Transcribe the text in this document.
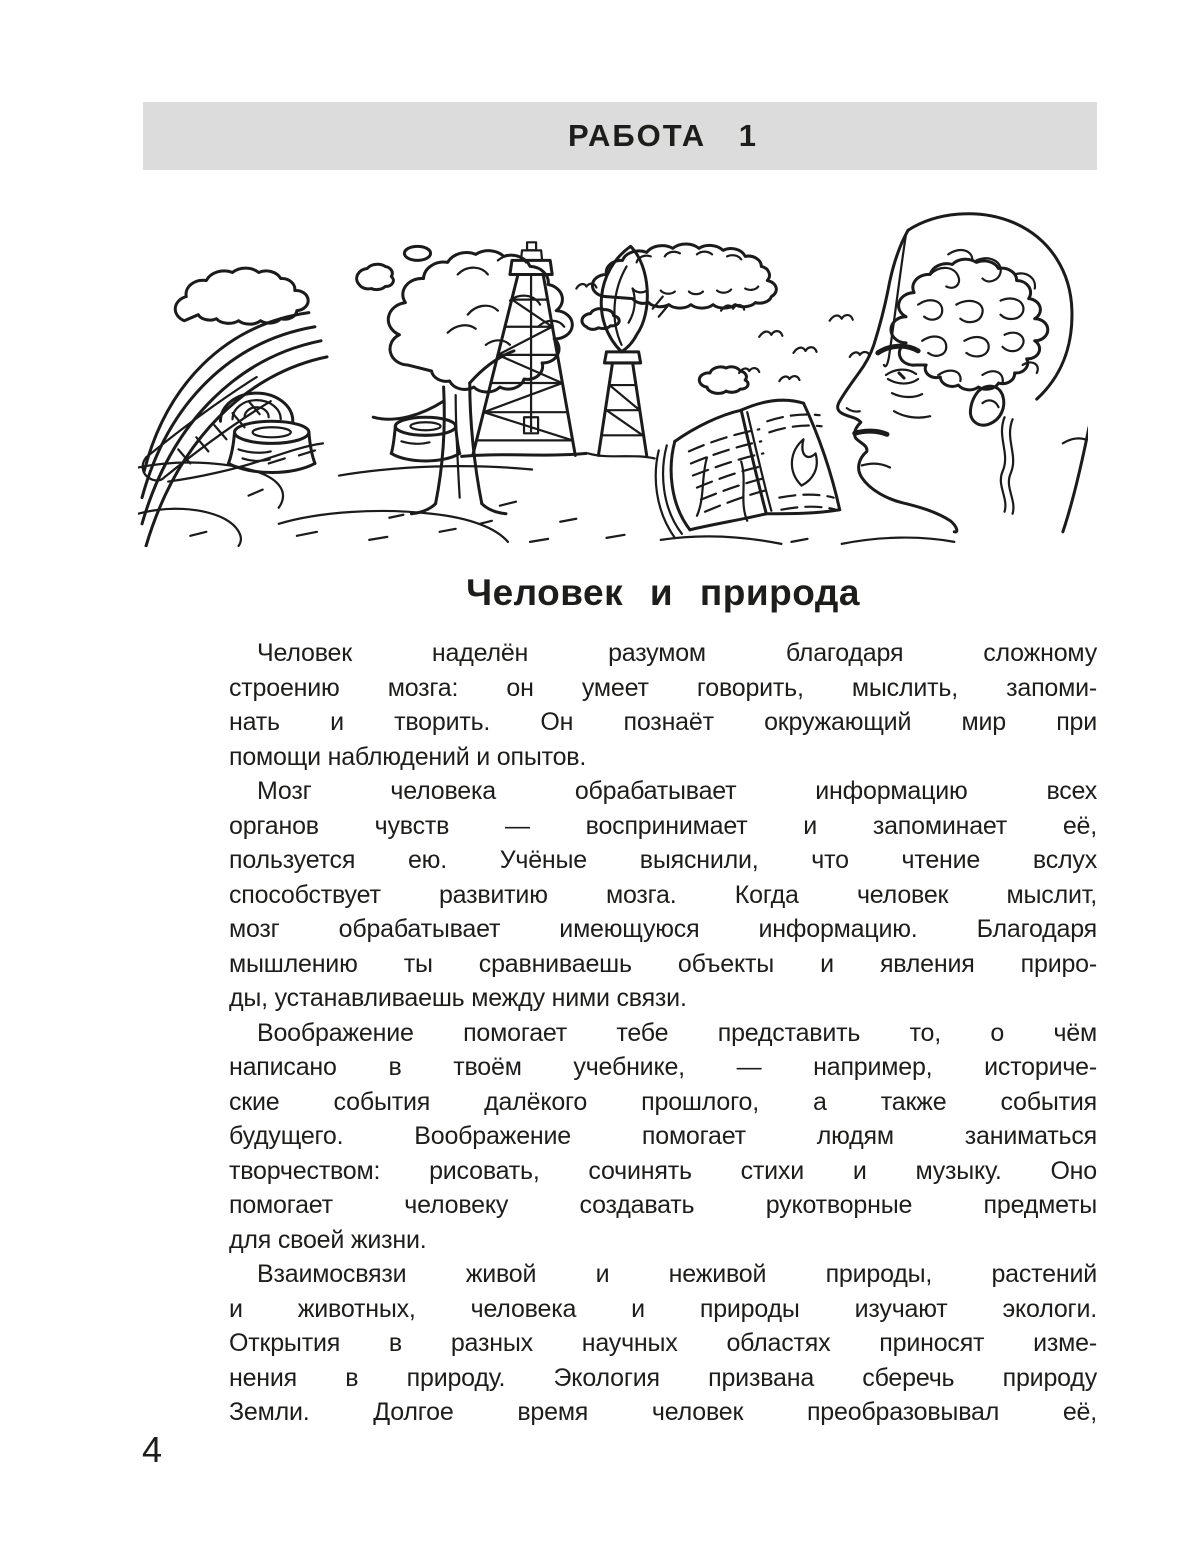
РАБОТА 1
Человек и природа
Человек наделён разумом благодаря сложному
строению мозга: он умеет говорить, мыслить, запоми-
нать и творить. Он познаёт окружающий мир при
помощи наблюдений и опытов.
Мозг человека обрабатывает информацию всех
органов чувств — воспринимает и запоминает её,
пользуется ею. Учёные выяснили, что чтение вслух
способствует развитию мозга. Когда человек мыслит,
мозг обрабатывает имеющуюся информацию. Благодаря
мышлению ты сравниваешь объекты и явления приро-
ды, устанавливаешь между ними связи.
Воображение помогает тебе представить то, о чём
написано в твоём учебнике, — например, историче-
ские события далёкого прошлого, а также события
будущего. Воображение помогает людям заниматься
творчеством: рисовать, сочинять стихи и музыку. Оно
помогает человеку создавать рукотворные предметы
для своей жизни.
Взаимосвязи живой и неживой природы, растений
и животных, человека и природы изучают экологи.
Открытия в разных научных областях приносят изме-
нения в природу. Экология призвана сберечь природу
Земли. Долгое время человек преобразовывал её,
4
